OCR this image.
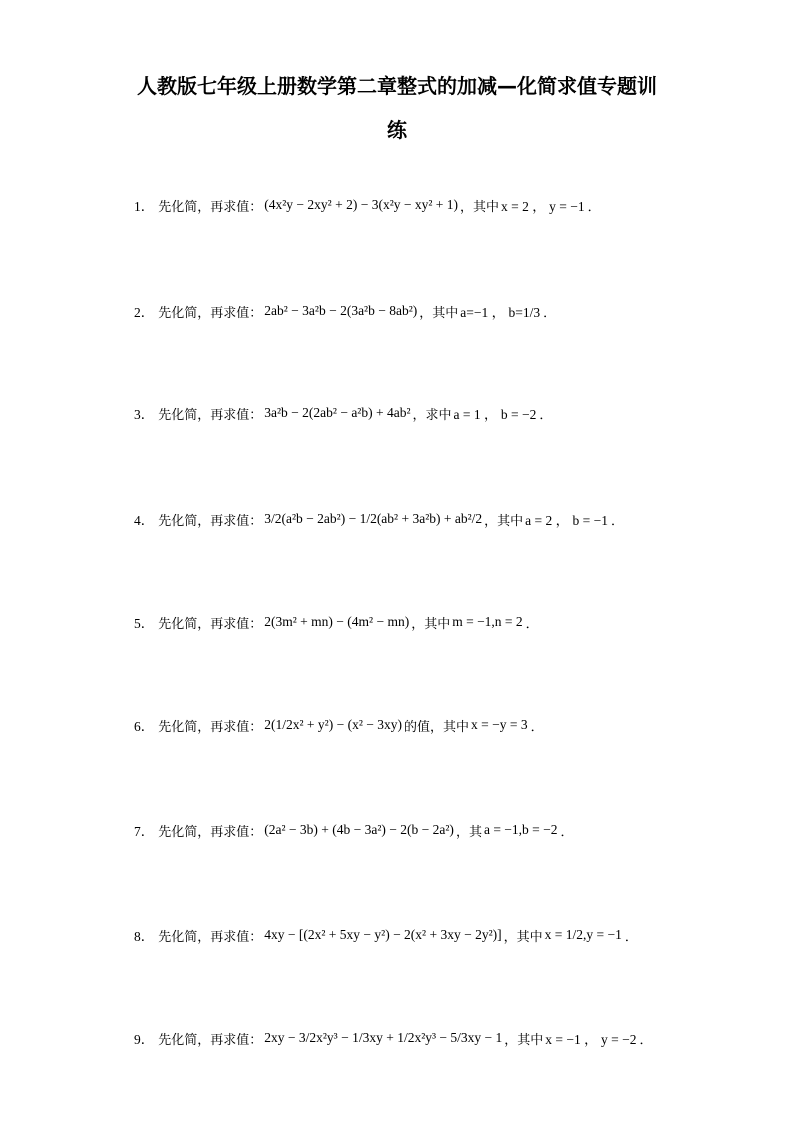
人教版七年级上册数学第二章整式的加减—化简求值专题训
练
1． 先化简，再求值： (4x²y − 2xy² + 2) − 3(x²y − xy² + 1) ，其中 x = 2 ， y = −1 ．
2． 先化简，再求值： 2ab² − 3a²b − 2(3a²b − 8ab²) ，其中 a=−1 ， b=1/3 ．
3． 先化简，再求值： 3a²b − 2(2ab² − a²b) + 4ab² ，求中 a = 1 ， b = −2 ．
4． 先化简，再求值： 3/2(a²b − 2ab²) − 1/2(ab² + 3a²b) + ab²/2 ，其中 a = 2 ， b = −1 ．
5． 先化简，再求值： 2(3m² + mn) − (4m² − mn) ，其中 m = −1,n = 2 ．
6． 先化简，再求值： 2(1/2x² + y²) − (x² − 3xy) 的值，其中 x = −y = 3 ．
7． 先化简，再求值： (2a² − 3b) + (4b − 3a²) − 2(b − 2a²) ，其 a = −1,b = −2 ．
8． 先化简，再求值： 4xy − [(2x² + 5xy − y²) − 2(x² + 3xy − 2y²)] ，其中 x = 1/2,y = −1 ．
9． 先化简，再求值： 2xy − 3/2x²y³ − 1/3xy + 1/2x²y³ − 5/3xy − 1 ，其中 x = −1 ， y = −2 ．
